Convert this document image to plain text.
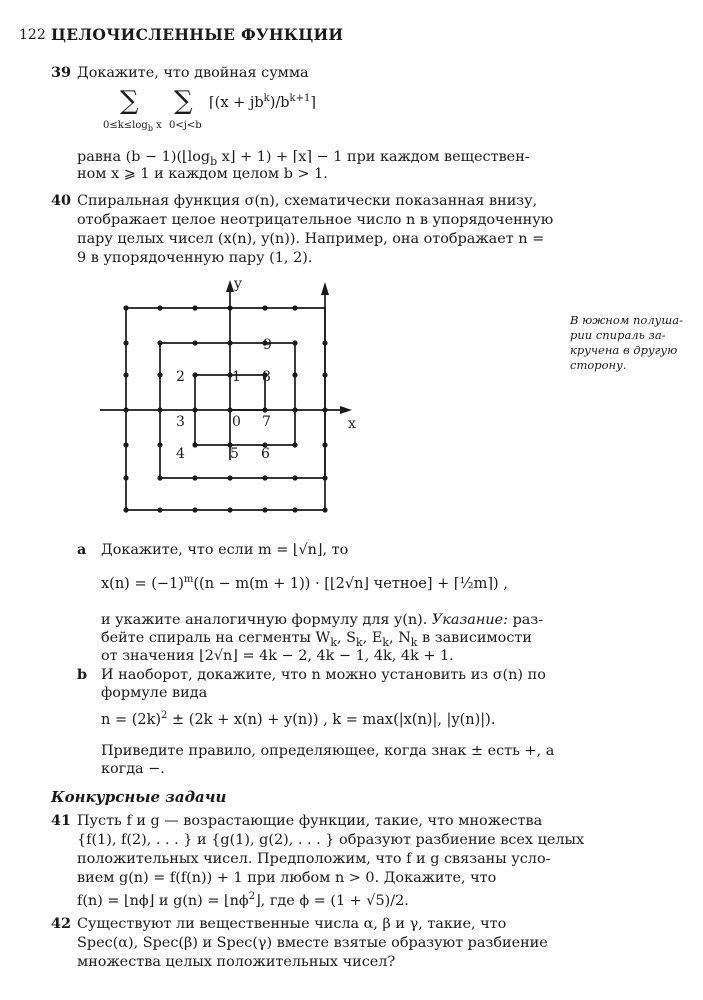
122 ЦЕЛОЧИСЛЕННЫЕ ФУНКЦИИ
39 Докажите, что двойная сумма
∑ ∑
$0\le k\le\log_b$ x 0<j<b
⌈(x + $jb^k)/b^{k+1}⌉$
равна $(b - 1)(⌊\log_b$ x⌋ + 1) + ⌈x⌉ − 1 при каждом веществен-
ном x ⩾ 1 и каждом целом b > 1.
40 Спиральная функция σ(n), схематически показанная внизу,
отображает целое неотрицательное число n в упорядоченную
пару целых чисел (x(n), y(n)). Например, она отображает n =
9 в упорядоченную пару (1, 2).
y
x
0
1
2
3
4	5 6
7
8
9
В южном полуша-
рии спираль за-
кручена в другую
сторону.
a Докажите, что если m = ⌊√n⌋, то
$x(n) = (-1)^m((n - m(m + 1))$ · [⌊2√n⌋ четное] + ⌈½m⌉) ,
и укажите аналогичную формулу для y(n). Указание: раз-
бейте спираль на сегменты $W_k$, $S_k$, $E_k$, $N_k$ в зависимости
от значения ⌊2√n⌋ = 4k − 2, 4k − 1, 4k, 4k + 1.
b И наоборот, докажите, что n можно установить из σ(n) по
формуле вида
$n = (2k)^2 \pm (2k + x(n) + y(n))$ , k = max(|x(n)|, |y(n)|).
Приведите правило, определяющее, когда знак ± есть +, а
когда −.
Конкурсные задачи
41 Пусть f и g — возрастающие функции, такие, что множества
{f(1), f(2), . . . } и {g(1), g(2), . . . } образуют разбиение всех целых
положительных чисел. Предположим, что f и g связаны усло-
вием g(n) = f(f(n)) + 1 при любом n > 0. Докажите, что
f(n) = ⌊nϕ⌋ и $g(n) = ⌊n\phi^2⌋$, где ϕ = (1 + √5)/2.
42 Существуют ли вещественные числа α, β и γ, такие, что
Spec(α), Spec(β) и Spec(γ) вместе взятые образуют разбиение
множества целых положительных чисел?
